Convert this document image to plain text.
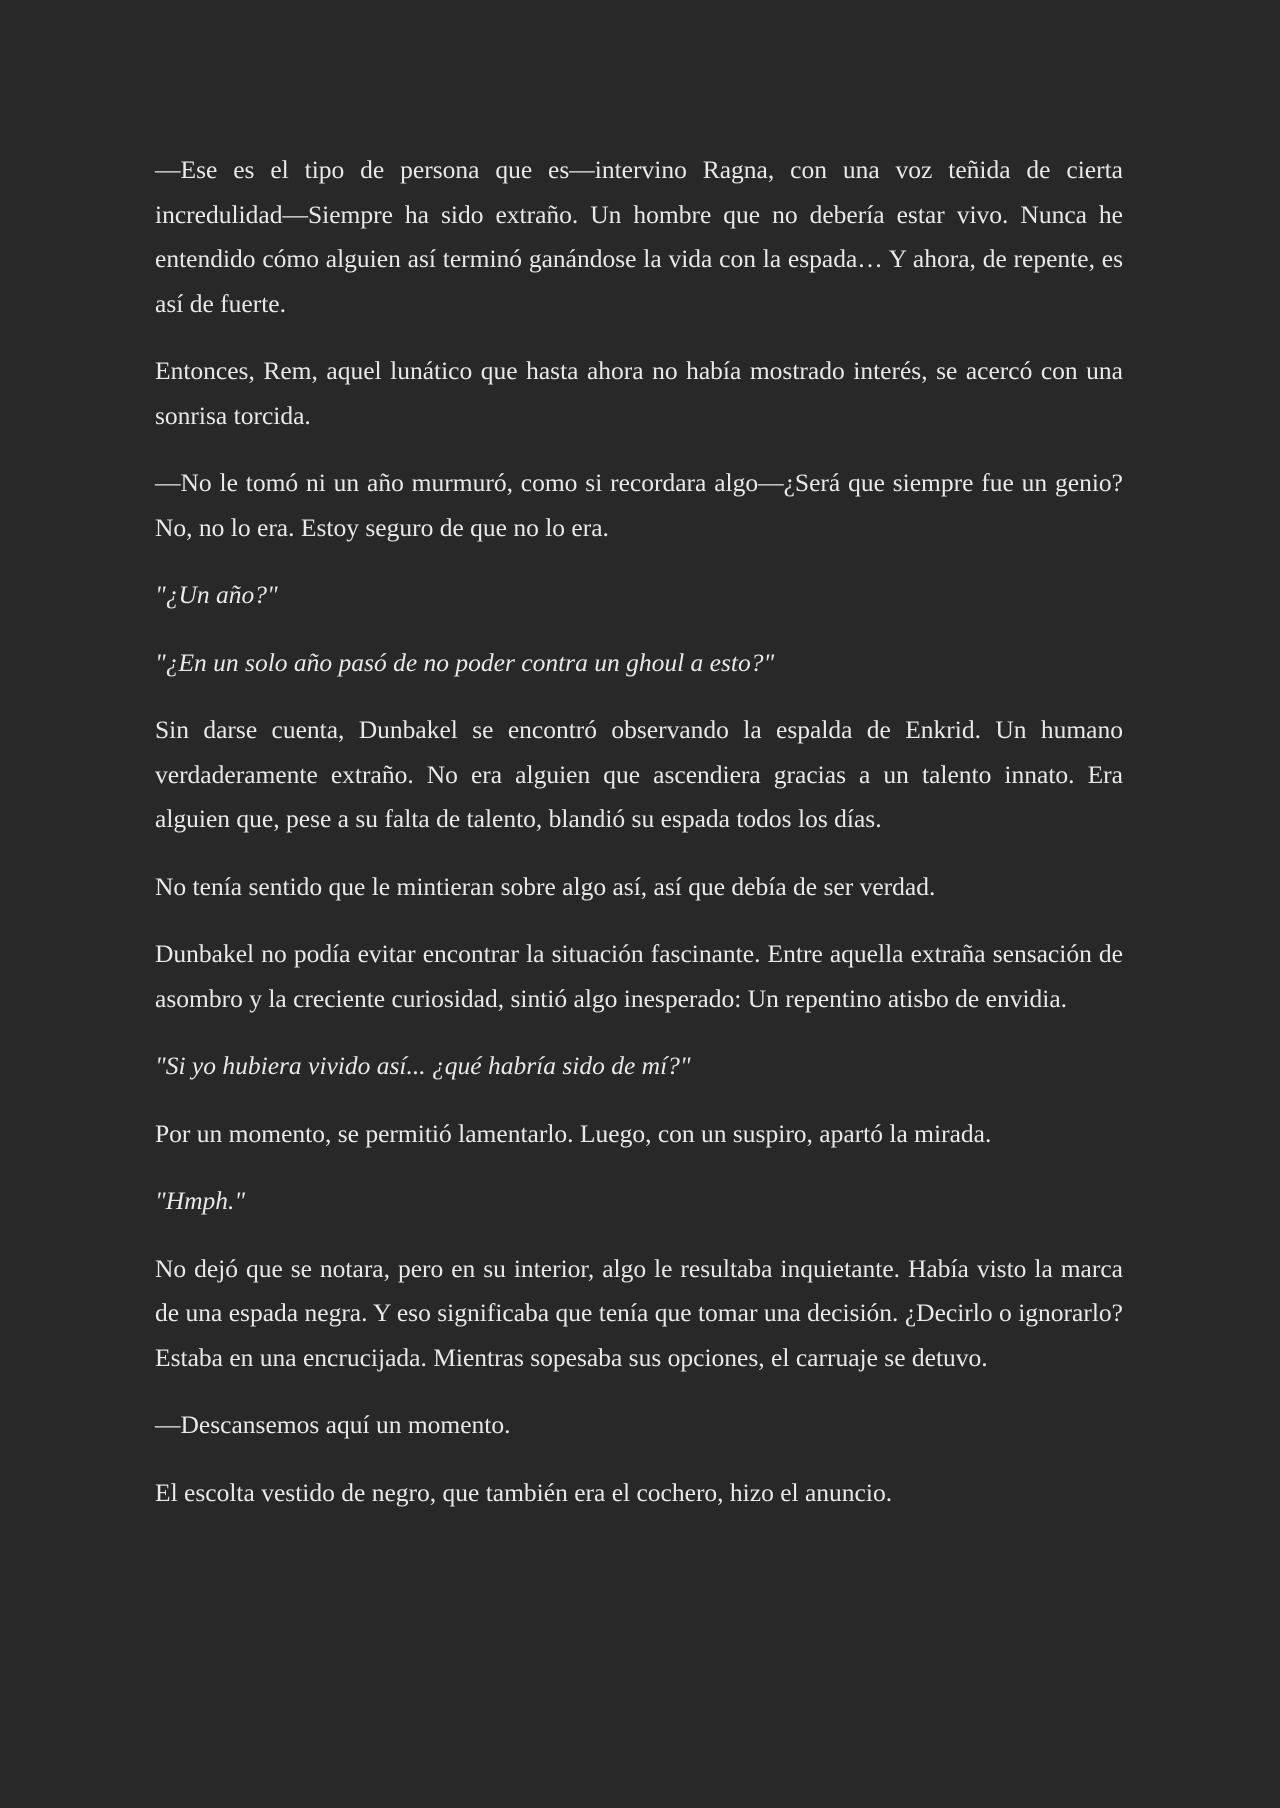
—Ese es el tipo de persona que es—intervino Ragna, con una voz teñida de cierta incredulidad—Siempre ha sido extraño. Un hombre que no debería estar vivo. Nunca he entendido cómo alguien así terminó ganándose la vida con la espada… Y ahora, de repente, es así de fuerte.

Entonces, Rem, aquel lunático que hasta ahora no había mostrado interés, se acercó con una sonrisa torcida.

—No le tomó ni un año murmuró, como si recordara algo—¿Será que siempre fue un genio? No, no lo era. Estoy seguro de que no lo era.

"¿Un año?"

"¿En un solo año pasó de no poder contra un ghoul a esto?"

Sin darse cuenta, Dunbakel se encontró observando la espalda de Enkrid. Un humano verdaderamente extraño. No era alguien que ascendiera gracias a un talento innato. Era alguien que, pese a su falta de talento, blandió su espada todos los días.

No tenía sentido que le mintieran sobre algo así, así que debía de ser verdad.

Dunbakel no podía evitar encontrar la situación fascinante. Entre aquella extraña sensación de asombro y la creciente curiosidad, sintió algo inesperado: Un repentino atisbo de envidia.

"Si yo hubiera vivido así... ¿qué habría sido de mí?"

Por un momento, se permitió lamentarlo. Luego, con un suspiro, apartó la mirada.

"Hmph."

No dejó que se notara, pero en su interior, algo le resultaba inquietante. Había visto la marca de una espada negra. Y eso significaba que tenía que tomar una decisión. ¿Decirlo o ignorarlo? Estaba en una encrucijada. Mientras sopesaba sus opciones, el carruaje se detuvo.

—Descansemos aquí un momento.

El escolta vestido de negro, que también era el cochero, hizo el anuncio.
